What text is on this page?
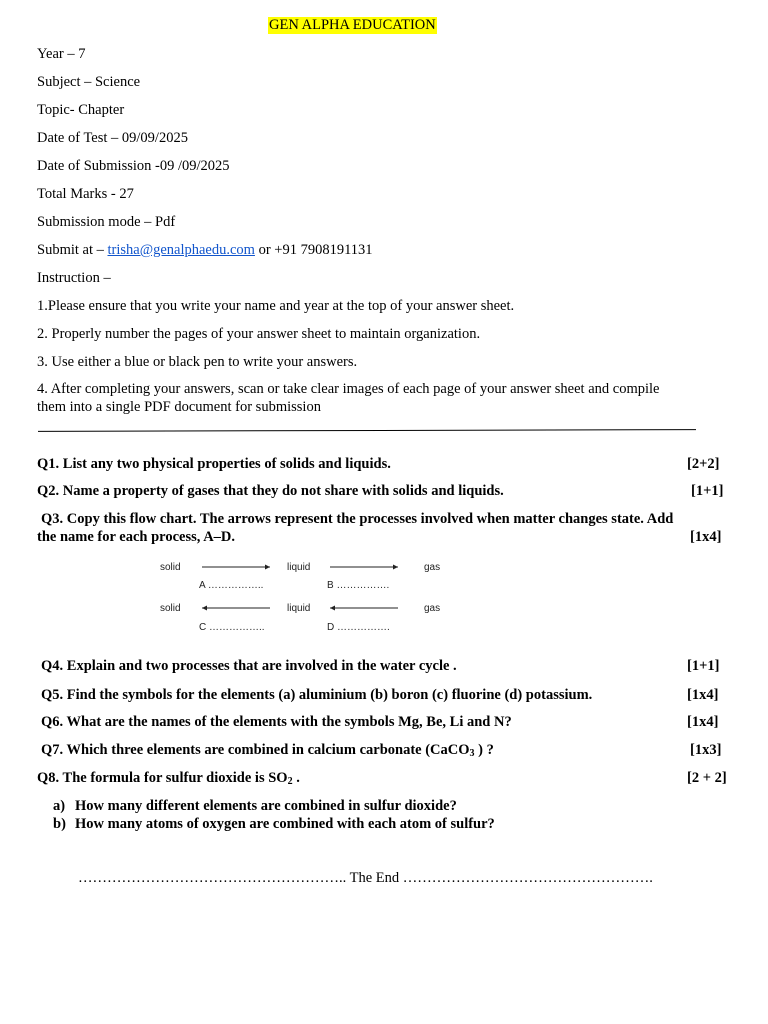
GEN ALPHA EDUCATION
Year – 7
Subject – Science
Topic- Chapter
Date of Test – 09/09/2025
Date of Submission -09 /09/2025
Total Marks - 27
Submission mode – Pdf
Submit at – trisha@genalphaedu.com or +91 7908191131
Instruction –
1.Please ensure that you write your name and year at the top of your answer sheet.
2. Properly number the pages of your answer sheet to maintain organization.
3. Use either a blue or black pen to write your answers.
4. After completing your answers, scan or take clear images of each page of your answer sheet and compile
them into a single PDF document for submission
Q1. List any two physical properties of solids and liquids.	[2+2]
Q2. Name a property of gases that they do not share with solids and liquids.	[1+1]
Q3. Copy this flow chart. The arrows represent the processes involved when matter changes state. Add
the name for each process, A–D.	[1x4]
solid	liquid	gas
A ……………..	B …………….
solid	liquid	gas
C ……………..	D …………….
Q4. Explain and two processes that are involved in the water cycle .	[1+1]
Q5. Find the symbols for the elements (a) aluminium (b) boron (c) fluorine (d) potassium.	[1x4]
Q6. What are the names of the elements with the symbols Mg, Be, Li and N?	[1x4]
Q7. Which three elements are combined in calcium carbonate (CaCO$_3$ ) ?	[1x3]
Q8. The formula for sulfur dioxide is $SO_2$ .	[2 + 2]
a) How many different elements are combined in sulfur dioxide?
b) How many atoms of oxygen are combined with each atom of sulfur?
……………………………………………….. The End …………………………………………….
